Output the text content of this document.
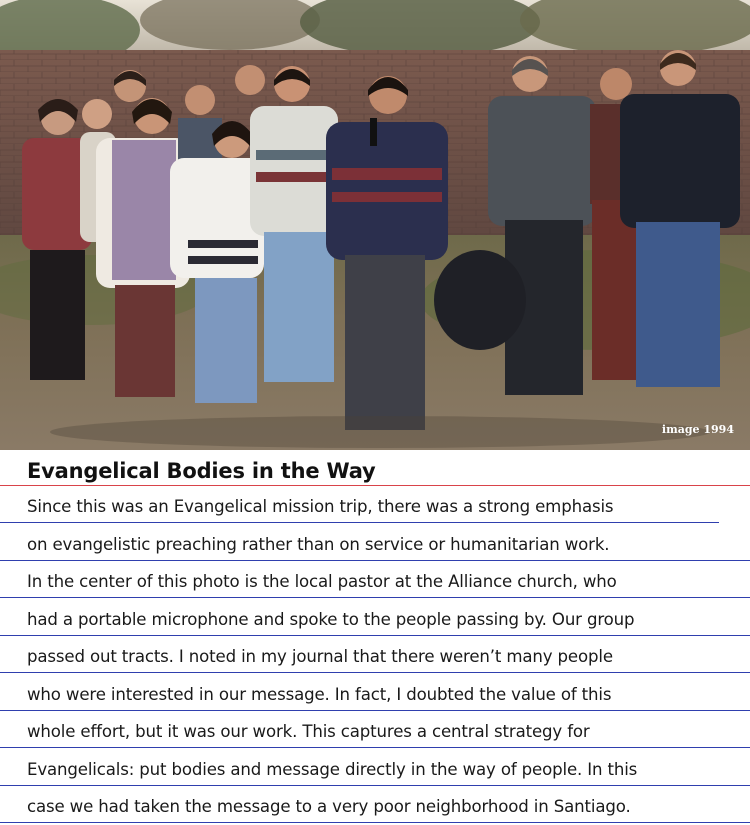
image 1994
Evangelical Bodies in the Way
Since this was an Evangelical mission trip, there was a strong emphasis
on evangelistic preaching rather than on service or humanitarian work.
In the center of this photo is the local pastor at the Alliance church, who
had a portable microphone and spoke to the people passing by. Our group
passed out tracts. I noted in my journal that there weren’t many people
who were interested in our message. In fact, I doubted the value of this
whole effort, but it was our work. This captures a central strategy for
Evangelicals: put bodies and message directly in the way of people. In this
case we had taken the message to a very poor neighborhood in Santiago.
